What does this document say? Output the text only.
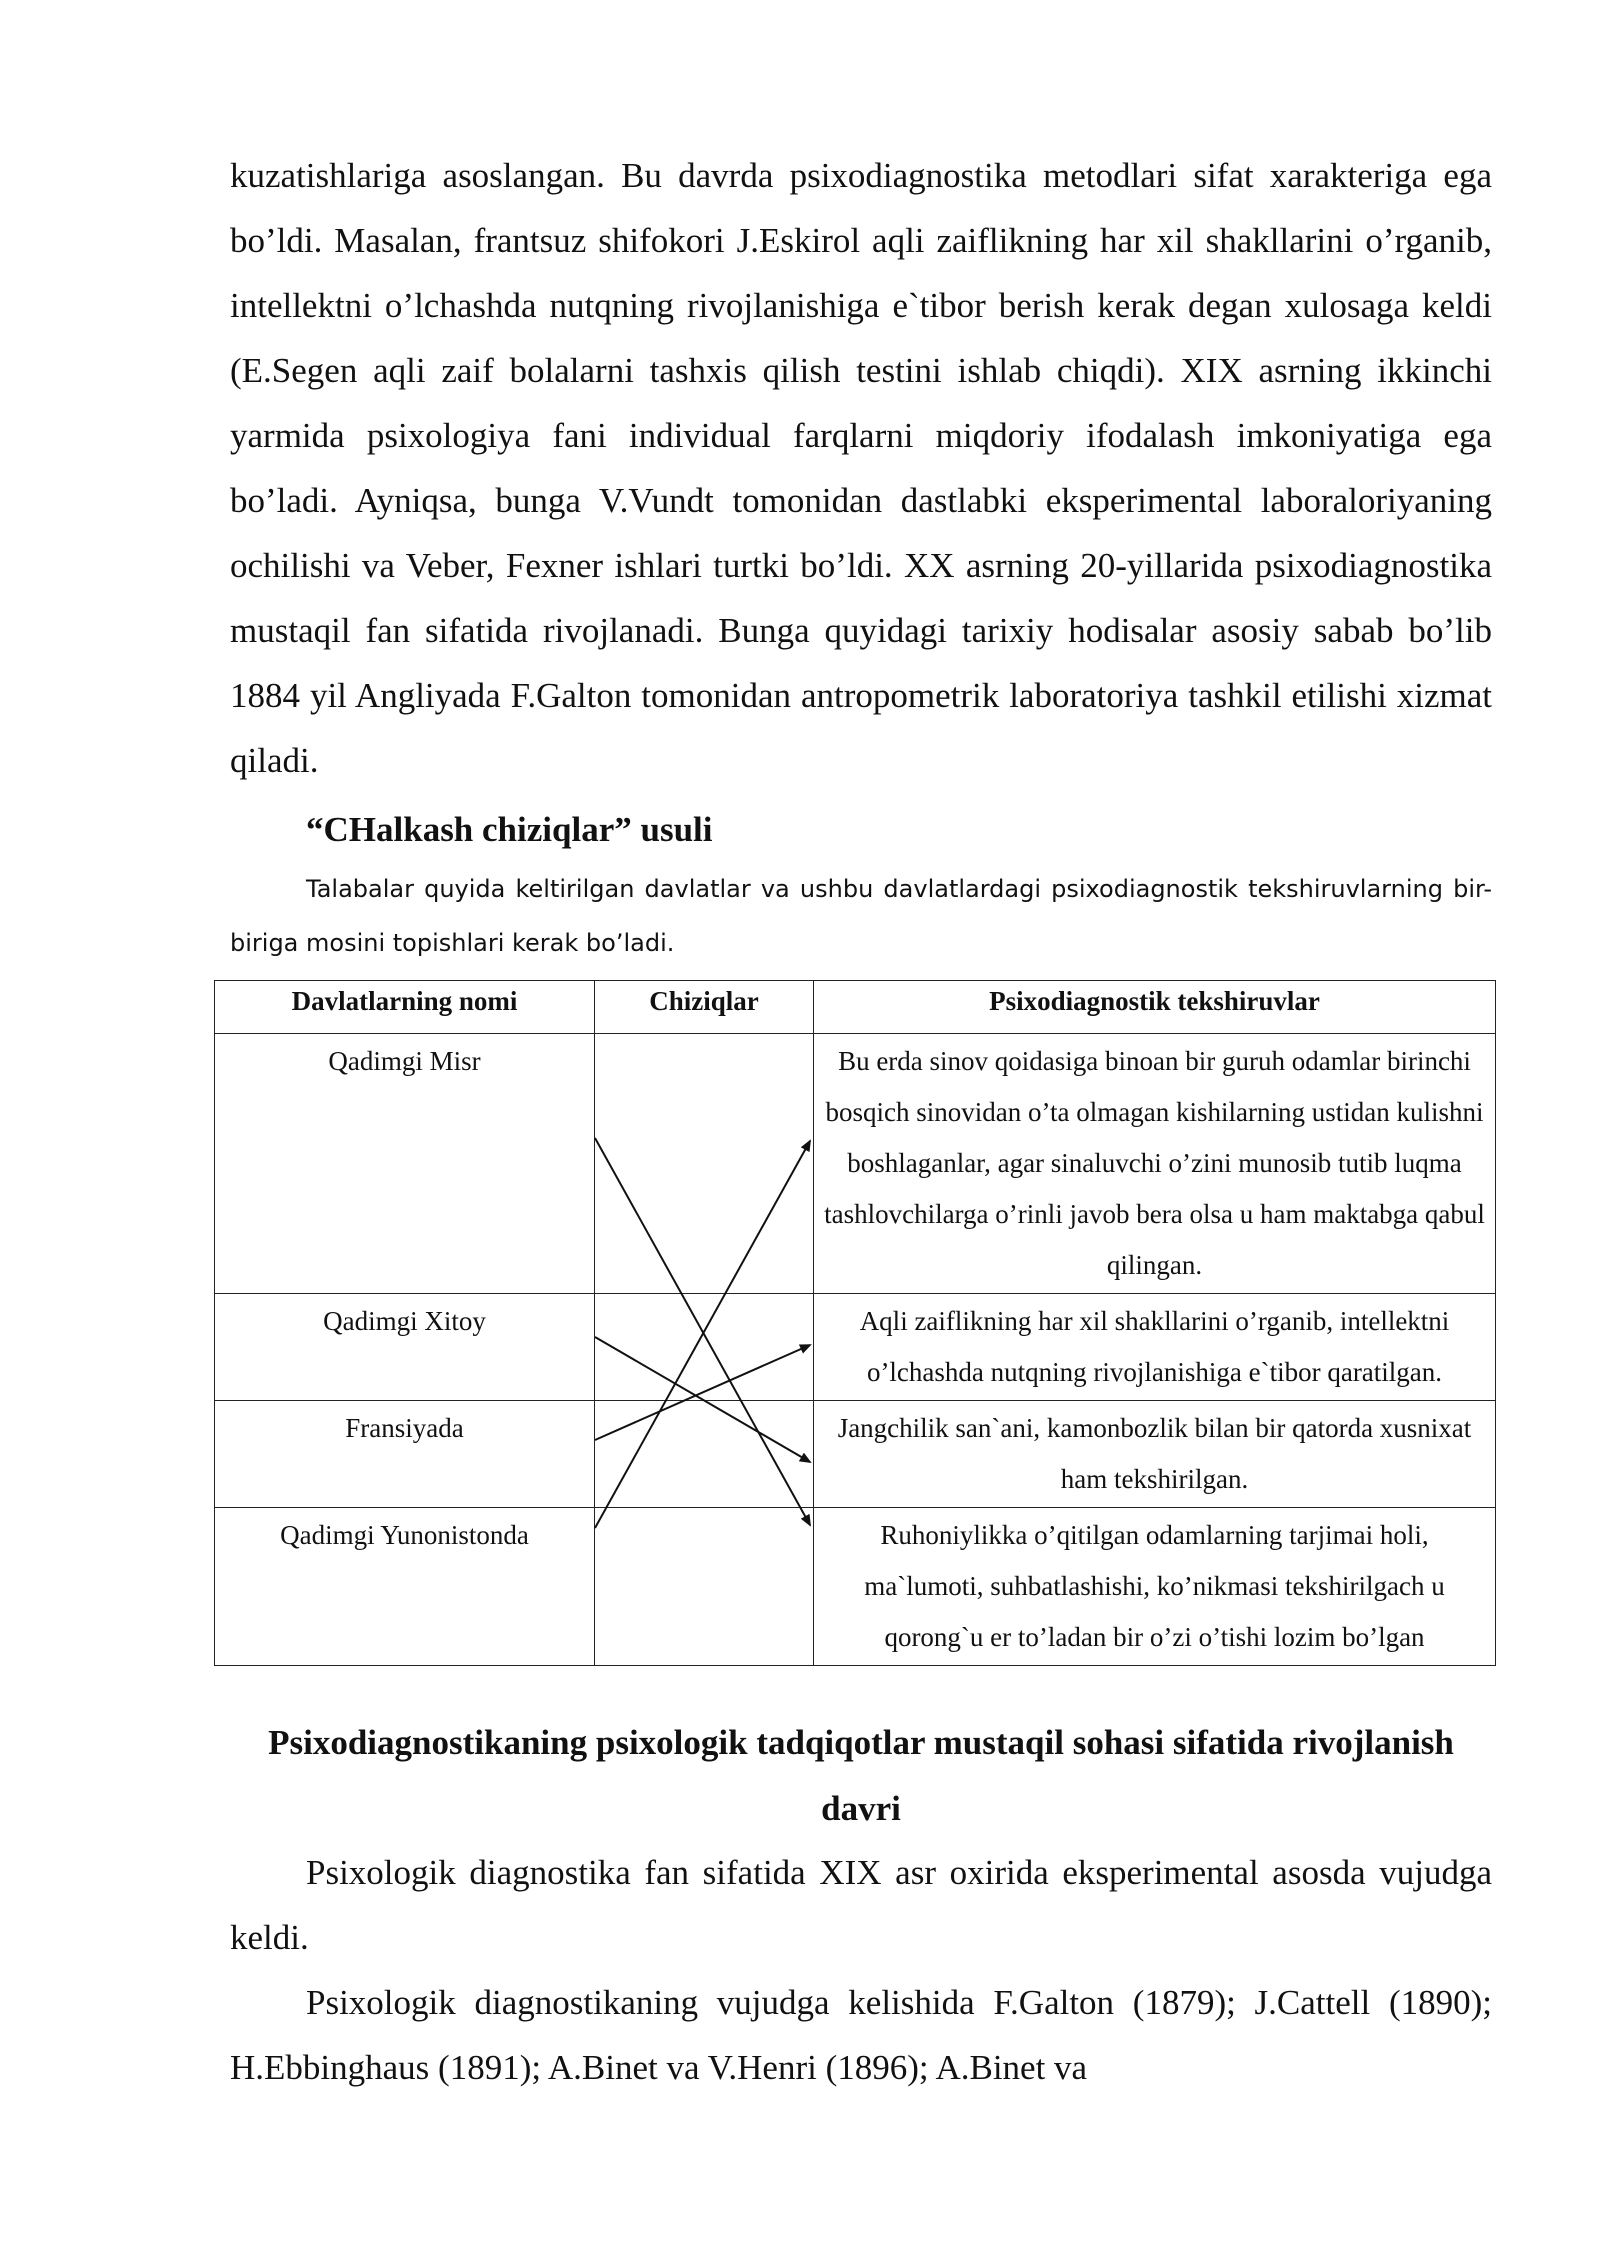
kuzatishlariga asoslangan. Bu davrda psixodiagnostika metodlari sifat xarakteriga ega bo’ldi. Masalan, frantsuz shifokori J.Eskirol aqli zaiflikning har xil shakllarini o’rganib, intellektni o’lchashda nutqning rivojlanishiga e`tibor berish kerak degan xulosaga keldi (E.Segen aqli zaif bolalarni tashxis qilish testini ishlab chiqdi). XIX asrning ikkinchi yarmida psixologiya fani individual farqlarni miqdoriy ifodalash imkoniyatiga ega bo’ladi. Ayniqsa, bunga V.Vundt tomonidan dastlabki eksperimental laboraloriyaning ochilishi va Veber, Fexner ishlari turtki bo’ldi. XX asrning 20-yillarida psixodiagnostika mustaqil fan sifatida rivojlanadi. Bunga quyidagi tarixiy hodisalar asosiy sabab bo’lib 1884 yil Angliyada F.Galton tomonidan antropometrik laboratoriya tashkil etilishi xizmat qiladi.

“CHalkash chiziqlar” usuli

Talabalar quyida keltirilgan davlatlar va ushbu davlatlardagi psixodiagnostik tekshiruvlarning bir-biriga mosini topishlari kerak bo’ladi.

Davlatlarning nomi	Chiziqlar	Psixodiagnostik tekshiruvlar
Qadimgi Misr		Bu erda sinov qoidasiga binoan bir guruh odamlar birinchi bosqich sinovidan o’ta olmagan kishilarning ustidan kulishni boshlaganlar, agar sinaluvchi o’zini munosib tutib luqma tashlovchilarga o’rinli javob bera olsa u ham maktabga qabul qilingan.
Qadimgi Xitoy		Aqli zaiflikning har xil shakllarini o’rganib, intellektni o’lchashda nutqning rivojlanishiga e`tibor qaratilgan.
Fransiyada		Jangchilik san`ani, kamonbozlik bilan bir qatorda xusnixat ham tekshirilgan.
Qadimgi Yunonistonda		Ruhoniylikka o’qitilgan odamlarning tarjimai holi, ma`lumoti, suhbatlashishi, ko’nikmasi tekshirilgach u qorong`u er to’ladan bir o’zi o’tishi lozim bo’lgan

Psixodiagnostikaning psixologik tadqiqotlar mustaqil sohasi sifatida rivojlanish davri

Psixologik diagnostika fan sifatida XIX asr oxirida eksperimental asosda vujudga keldi.

Psixologik diagnostikaning vujudga kelishida F.Galton (1879); J.Cattell (1890); H.Ebbinghaus (1891); A.Binet va V.Henri (1896); A.Binet va
